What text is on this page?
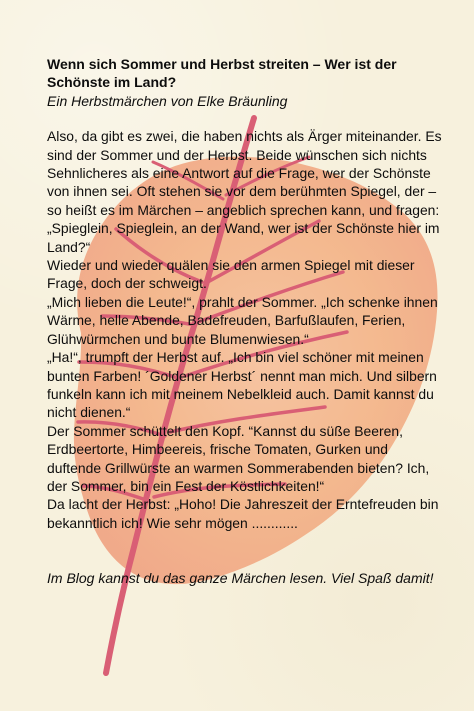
Wenn sich Sommer und Herbst streiten – Wer ist der Schönste im Land?
Ein Herbstmärchen von Elke Bräunling
Also, da gibt es zwei, die haben nichts als Ärger miteinander. Es sind der Sommer und der Herbst. Beide wünschen sich nichts Sehnlicheres als eine Antwort auf die Frage, wer der Schönste von ihnen sei. Oft stehen sie vor dem berühmten Spiegel, der – so heißt es im Märchen – angeblich sprechen kann, und fragen: „Spieglein, Spieglein, an der Wand, wer ist der Schönste hier im Land?“
Wieder und wieder quälen sie den armen Spiegel mit dieser Frage, doch der schweigt.
„Mich lieben die Leute!“, prahlt der Sommer. „Ich schenke ihnen Wärme, helle Abende, Badefreuden, Barfußlaufen, Ferien, Glühwürmchen und bunte Blumenwiesen.“
„Ha!“, trumpft der Herbst auf. „Ich bin viel schöner mit meinen bunten Farben! ´Goldener Herbst´ nennt man mich. Und silbern funkeln kann ich mit meinem Nebelkleid auch. Damit kannst du nicht dienen.“
Der Sommer schüttelt den Kopf. “Kannst du süße Beeren, Erdbeertorte, Himbeereis, frische Tomaten, Gurken und duftende Grillwürste an warmen Sommerabenden bieten? Ich, der Sommer, bin ein Fest der Köstlichkeiten!“
Da lacht der Herbst: „Hoho! Die Jahreszeit der Erntefreuden bin bekanntlich ich! Wie sehr mögen ............
Im Blog kannst du das ganze Märchen lesen. Viel Spaß damit!
